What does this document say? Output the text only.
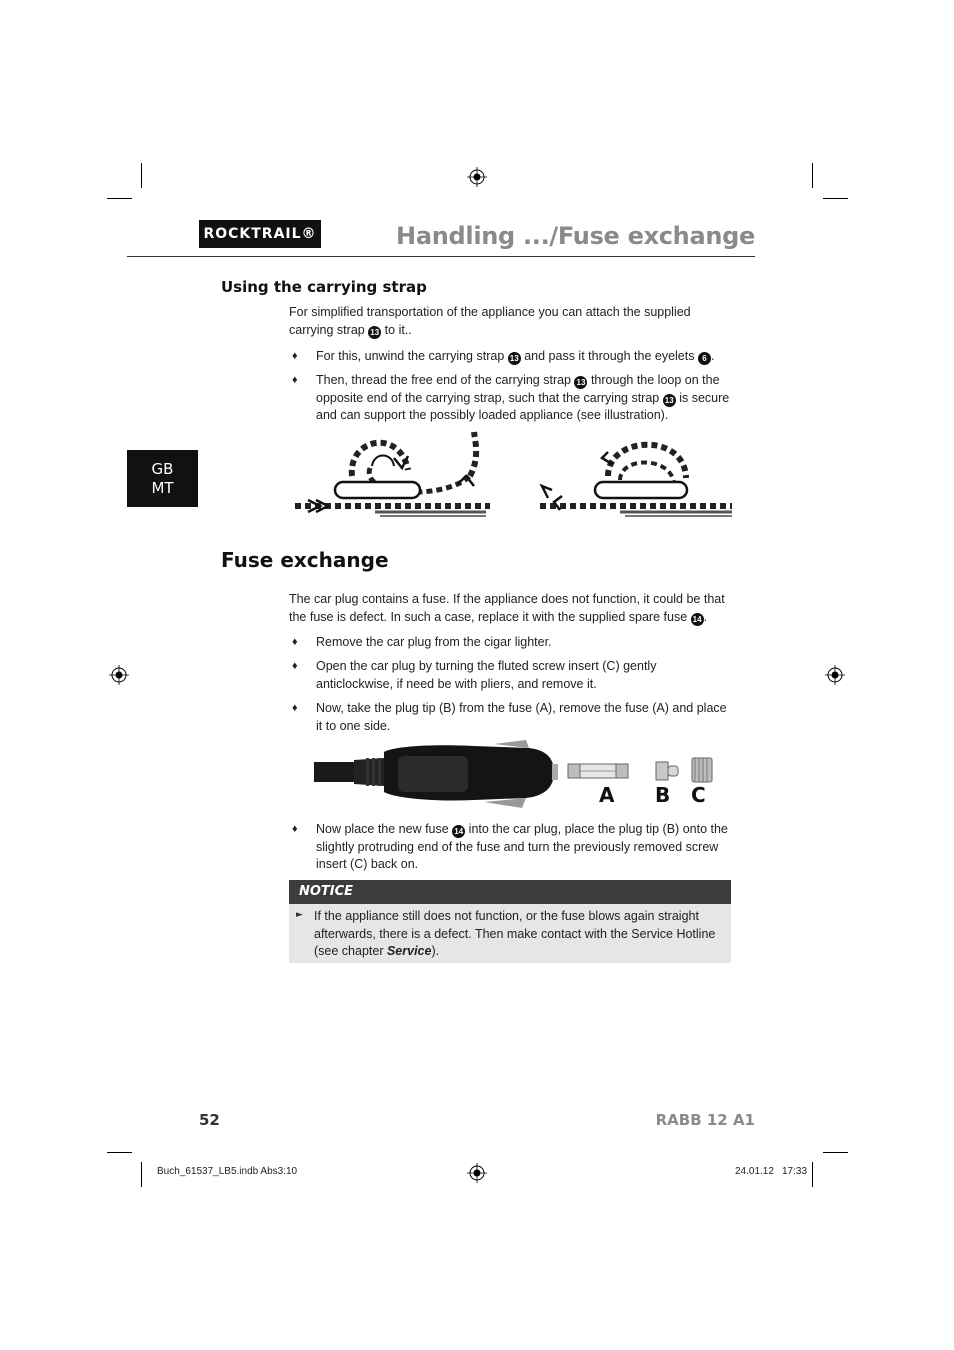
ROCKTRAIL®	Handling .../Fuse exchange
GB
MT
Using the carrying strap
For simplified transportation of the appliance you can attach the supplied carrying strap 13 to it..
♦ For this, unwind the carrying strap 13 and pass it through the eyelets 6 .
♦ Then, thread the free end of the carrying strap 13 through the loop on the opposite end of the carrying strap, such that the carrying strap 13 is secure and can support the possibly loaded appliance (see illustration).
Fuse exchange
The car plug contains a fuse. If the appliance does not function, it could be that the fuse is defect. In such a case, replace it with the supplied spare fuse 14 .
♦ Remove the car plug from the cigar lighter.
♦ Open the car plug by turning the fluted screw insert (C) gently anticlockwise, if need be with pliers, and remove it.
♦ Now, take the plug tip (B) from the fuse (A), remove the fuse (A) and place it to one side.
A B C
♦ Now place the new fuse 14 into the car plug, place the plug tip (B) onto the slightly protruding end of the fuse and turn the previously removed screw insert (C) back on.
NOTICE
► If the appliance still does not function, or the fuse blows again straight afterwards, there is a defect. Then make contact with the Service Hotline (see chapter Service).
52	RABB 12 A1
Buch_61537_LB5.indb Abs3:10	24.01.12 17:33
